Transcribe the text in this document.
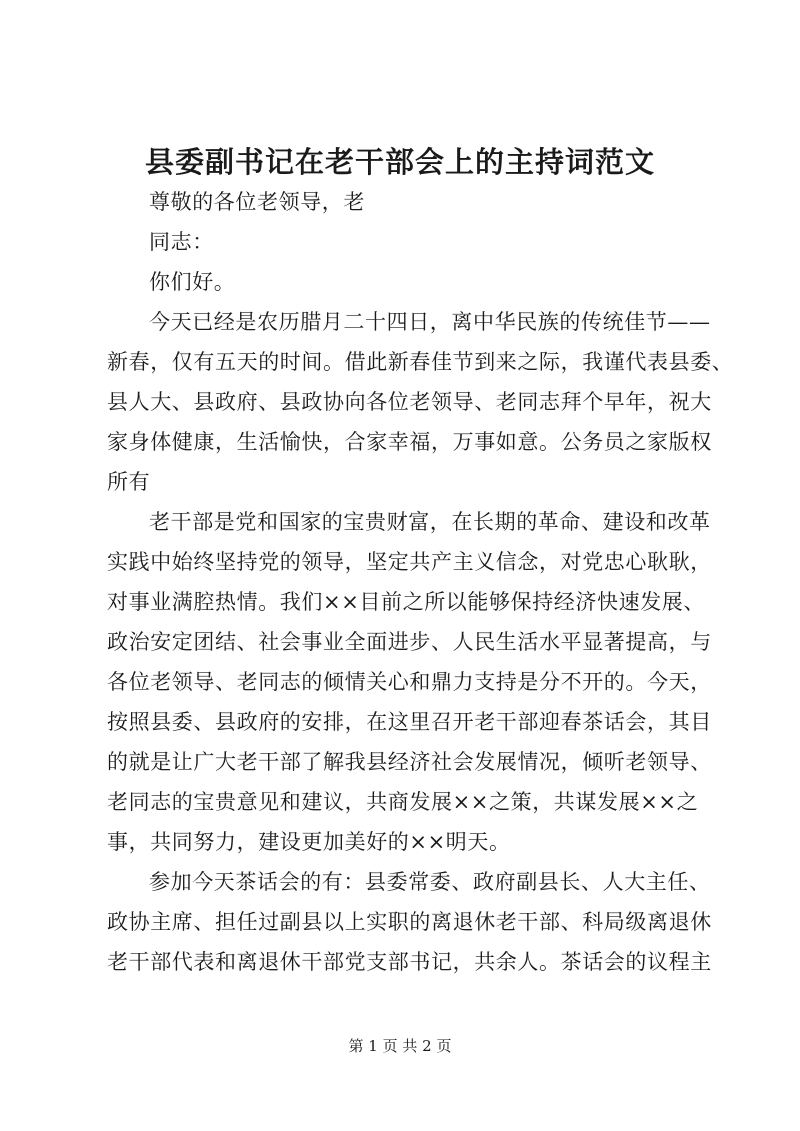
县委副书记在老干部会上的主持词范文

尊敬的各位老领导，老

同志：

你们好。

今天已经是农历腊月二十四日，离中华民族的传统佳节——

新春，仅有五天的时间。借此新春佳节到来之际，我谨代表县委、

县人大、县政府、县政协向各位老领导、老同志拜个早年，祝大

家身体健康，生活愉快，合家幸福，万事如意。公务员之家版权

所有

老干部是党和国家的宝贵财富，在长期的革命、建设和改革

实践中始终坚持党的领导，坚定共产主义信念，对党忠心耿耿，

对事业满腔热情。我们××目前之所以能够保持经济快速发展、

政治安定团结、社会事业全面进步、人民生活水平显著提高，与

各位老领导、老同志的倾情关心和鼎力支持是分不开的。今天，

按照县委、县政府的安排，在这里召开老干部迎春茶话会，其目

的就是让广大老干部了解我县经济社会发展情况，倾听老领导、

老同志的宝贵意见和建议，共商发展××之策，共谋发展××之

事，共同努力，建设更加美好的××明天。

参加今天茶话会的有：县委常委、政府副县长、人大主任、

政协主席、担任过副县以上实职的离退休老干部、科局级离退休

老干部代表和离退休干部党支部书记，共余人。茶话会的议程主

第 1 页 共 2 页
